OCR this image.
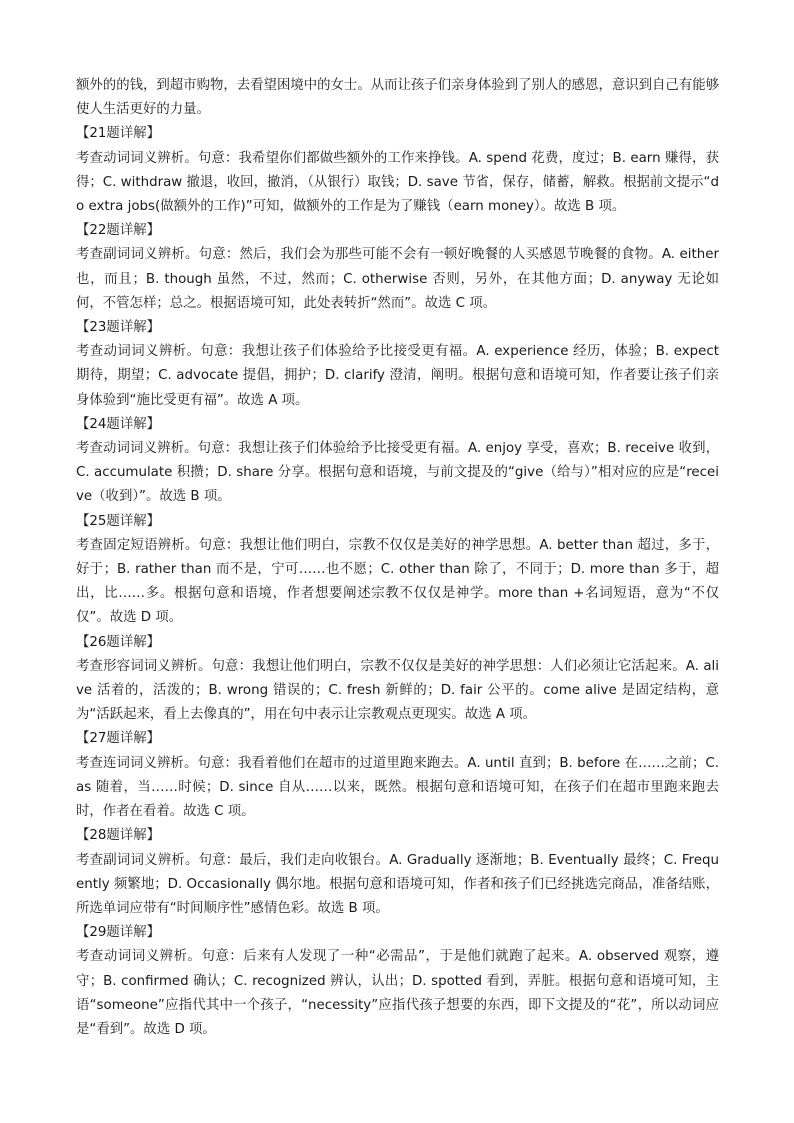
额外的的钱，到超市购物，去看望困境中的女士。从而让孩子们亲身体验到了别人的感恩，意识到自己有能够使人生活更好的力量。

【21题详解】

考查动词词义辨析。句意：我希望你们都做些额外的工作来挣钱。A. spend 花费，度过；B. earn 赚得，获得；C. withdraw 撤退，收回，撤消，（从银行）取钱；D. save 节省，保存，储蓄，解救。根据前文提示“do extra jobs(做额外的工作)”可知，做额外的工作是为了赚钱（earn money）。故选 B 项。

【22题详解】

考查副词词义辨析。句意：然后，我们会为那些可能不会有一顿好晚餐的人买感恩节晚餐的食物。A. either 也，而且；B. though 虽然，不过，然而；C. otherwise 否则，另外，在其他方面；D. anyway 无论如何，不管怎样；总之。根据语境可知，此处表转折“然而”。故选 C 项。

【23题详解】

考查动词词义辨析。句意：我想让孩子们体验给予比接受更有福。A. experience 经历，体验；B. expect 期待，期望；C. advocate 提倡，拥护；D. clarify 澄清，阐明。根据句意和语境可知，作者要让孩子们亲身体验到“施比受更有福”。故选 A 项。

【24题详解】

考查动词词义辨析。句意：我想让孩子们体验给予比接受更有福。A. enjoy 享受，喜欢；B. receive 收到，C. accumulate 积攒；D. share 分享。根据句意和语境，与前文提及的“give（给与）”相对应的应是“receive（收到）”。故选 B 项。

【25题详解】

考查固定短语辨析。句意：我想让他们明白，宗教不仅仅是美好的神学思想。A. better than 超过，多于，好于；B. rather than 而不是，宁可……也不愿；C. other than 除了，不同于；D. more than 多于，超出，比……多。根据句意和语境，作者想要阐述宗教不仅仅是神学。more than +名词短语，意为“不仅仅”。故选 D 项。

【26题详解】

考查形容词词义辨析。句意：我想让他们明白，宗教不仅仅是美好的神学思想：人们必须让它活起来。A. alive 活着的，活泼的；B. wrong 错误的；C. fresh 新鲜的；D. fair 公平的。come alive 是固定结构，意为“活跃起来，看上去像真的”，用在句中表示让宗教观点更现实。故选 A 项。

【27题详解】

考查连词词义辨析。句意：我看着他们在超市的过道里跑来跑去。A. until 直到；B. before 在……之前；C. as 随着，当……时候；D. since 自从……以来，既然。根据句意和语境可知，在孩子们在超市里跑来跑去时，作者在看着。故选 C 项。

【28题详解】

考查副词词义辨析。句意：最后，我们走向收银台。A. Gradually 逐渐地；B. Eventually 最终；C. Frequently 频繁地；D. Occasionally 偶尔地。根据句意和语境可知，作者和孩子们已经挑选完商品，准备结账，所选单词应带有“时间顺序性”感情色彩。故选 B 项。

【29题详解】

考查动词词义辨析。句意：后来有人发现了一种“必需品”，于是他们就跑了起来。A. observed 观察，遵守；B. confirmed 确认；C. recognized 辨认，认出；D. spotted 看到，弄脏。根据句意和语境可知，主语“someone”应指代其中一个孩子，“necessity”应指代孩子想要的东西，即下文提及的“花”，所以动词应是“看到”。故选 D 项。
